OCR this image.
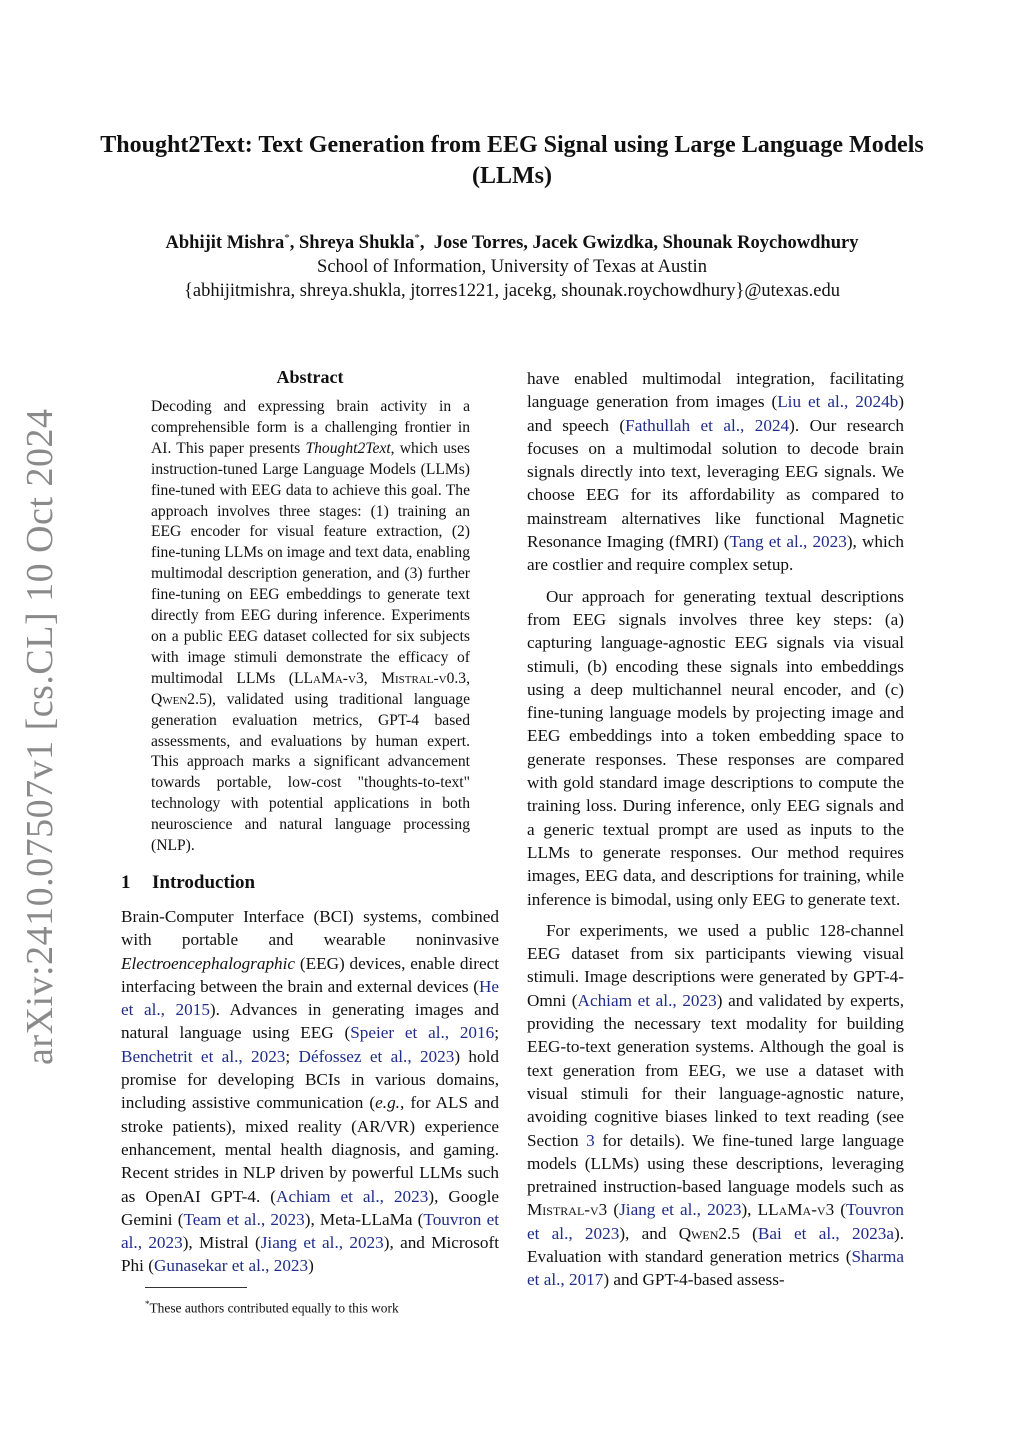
Thought2Text: Text Generation from EEG Signal using Large Language Models (LLMs)
Abhijit Mishra*, Shreya Shukla*,  Jose Torres, Jacek Gwizdka, Shounak Roychowdhury
School of Information, University of Texas at Austin
{abhijitmishra, shreya.shukla, jtorres1221, jacekg, shounak.roychowdhury}@utexas.edu
arXiv:2410.07507v1 [cs.CL] 10 Oct 2024
Abstract
Decoding and expressing brain activity in a comprehensible form is a challenging frontier in AI. This paper presents Thought2Text, which uses instruction-tuned Large Language Models (LLMs) fine-tuned with EEG data to achieve this goal. The approach involves three stages: (1) training an EEG encoder for visual feature extraction, (2) fine-tuning LLMs on image and text data, enabling multimodal description generation, and (3) further fine-tuning on EEG embeddings to generate text directly from EEG during inference. Experiments on a public EEG dataset collected for six subjects with image stimuli demonstrate the efficacy of multimodal LLMs (LLaMa-v3, Mistral-v0.3, Qwen2.5), validated using traditional language generation evaluation metrics, GPT-4 based assessments, and evaluations by human expert. This approach marks a significant advancement towards portable, low-cost "thoughts-to-text" technology with potential applications in both neuroscience and natural language processing (NLP).
1 Introduction

Brain-Computer Interface (BCI) systems, combined with portable and wearable noninvasive Electroencephalographic (EEG) devices, enable direct interfacing between the brain and external devices (He et al., 2015). Advances in generating images and natural language using EEG (Speier et al., 2016; Benchetrit et al., 2023; Défossez et al., 2023) hold promise for developing BCIs in various domains, including assistive communication (e.g., for ALS and stroke patients), mixed reality (AR/VR) experience enhancement, mental health diagnosis, and gaming. Recent strides in NLP driven by powerful LLMs such as OpenAI GPT-4. (Achiam et al., 2023), Google Gemini (Team et al., 2023), Meta-LLaMa (Touvron et al., 2023), Mistral (Jiang et al., 2023), and Microsoft Phi (Gunasekar et al., 2023)

*These authors contributed equally to this work

have enabled multimodal integration, facilitating language generation from images (Liu et al., 2024b) and speech (Fathullah et al., 2024). Our research focuses on a multimodal solution to decode brain signals directly into text, leveraging EEG signals. We choose EEG for its affordability as compared to mainstream alternatives like functional Magnetic Resonance Imaging (fMRI) (Tang et al., 2023), which are costlier and require complex setup.

Our approach for generating textual descriptions from EEG signals involves three key steps: (a) capturing language-agnostic EEG signals via visual stimuli, (b) encoding these signals into embeddings using a deep multichannel neural encoder, and (c) fine-tuning language models by projecting image and EEG embeddings into a token embedding space to generate responses. These responses are compared with gold standard image descriptions to compute the training loss. During inference, only EEG signals and a generic textual prompt are used as inputs to the LLMs to generate responses. Our method requires images, EEG data, and descriptions for training, while inference is bimodal, using only EEG to generate text.

For experiments, we used a public 128-channel EEG dataset from six participants viewing visual stimuli. Image descriptions were generated by GPT-4-Omni (Achiam et al., 2023) and validated by experts, providing the necessary text modality for building EEG-to-text generation systems. Although the goal is text generation from EEG, we use a dataset with visual stimuli for their language-agnostic nature, avoiding cognitive biases linked to text reading (see Section 3 for details). We fine-tuned large language models (LLMs) using these descriptions, leveraging pretrained instruction-based language models such as Mistral-v3 (Jiang et al., 2023), LLaMa-v3 (Touvron et al., 2023), and Qwen2.5 (Bai et al., 2023a). Evaluation with standard generation metrics (Sharma et al., 2017) and GPT-4-based assess-
